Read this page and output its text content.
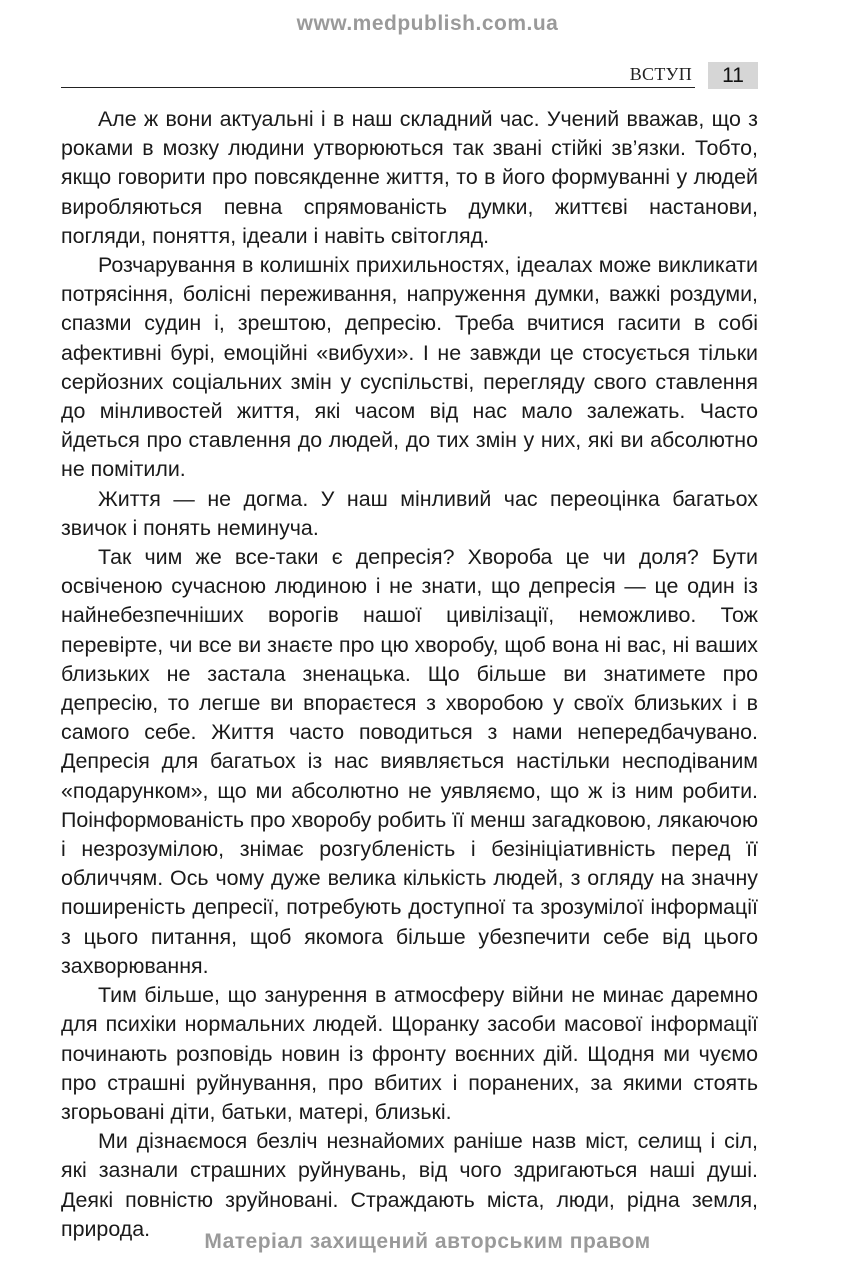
www.medpublish.com.ua
ВСТУП	11

Але ж вони актуальні і в наш складний час. Учений вважав, що з роками в мозку людини утворюються так звані стійкі зв’язки. Тобто, якщо говорити про повсякденне життя, то в його формуванні у людей виробляються певна спрямованість думки, життєві настанови, погляди, поняття, ідеали і навіть світогляд.

Розчарування в колишніх прихильностях, ідеалах може викликати потрясіння, болісні переживання, напруження думки, важкі роздуми, спазми судин і, зрештою, депресію. Треба вчитися гасити в собі афективні бурі, емоційні «вибухи». І не завжди це стосується тільки серйозних соціальних змін у суспільстві, перегляду свого ставлення до мінливостей життя, які часом від нас мало залежать. Часто йдеться про ставлення до людей, до тих змін у них, які ви абсолютно не помітили.

Життя — не догма. У наш мінливий час переоцінка багатьох звичок і понять неминуча.

Так чим же все-таки є депресія? Хвороба це чи доля? Бути освіченою сучасною людиною і не знати, що депресія — це один із найнебезпечніших ворогів нашої цивілізації, неможливо. Тож перевірте, чи все ви знаєте про цю хворобу, щоб вона ні вас, ні ваших близьких не застала зненацька. Що більше ви знатимете про депресію, то легше ви впораєтеся з хворобою у своїх близьких і в самого себе. Життя часто поводиться з нами непередбачувано. Депресія для багатьох із нас виявляється настільки несподіваним «подарунком», що ми абсолютно не уявляємо, що ж із ним робити. Поінформованість про хворобу робить її менш загадковою, лякаючою і незрозумілою, знімає розгубленість і безініціативність перед її обличчям. Ось чому дуже велика кількість людей, з огляду на значну поширеність депресії, потребують доступної та зрозумілої інформації з цього питання, щоб якомога більше убезпечити себе від цього захворювання.

Тим більше, що занурення в атмосферу війни не минає даремно для психіки нормальних людей. Щоранку засоби масової інформації починають розповідь новин із фронту воєнних дій. Щодня ми чуємо про страшні руйнування, про вбитих і поранених, за якими стоять згорьовані діти, батьки, матері, близькі.

Ми дізнаємося безліч незнайомих раніше назв міст, селищ і сіл, які зазнали страшних руйнувань, від чого здригаються наші душі. Деякі повністю зруйновані. Страждають міста, люди, рідна земля, природа.

Матеріал захищений авторським правом
